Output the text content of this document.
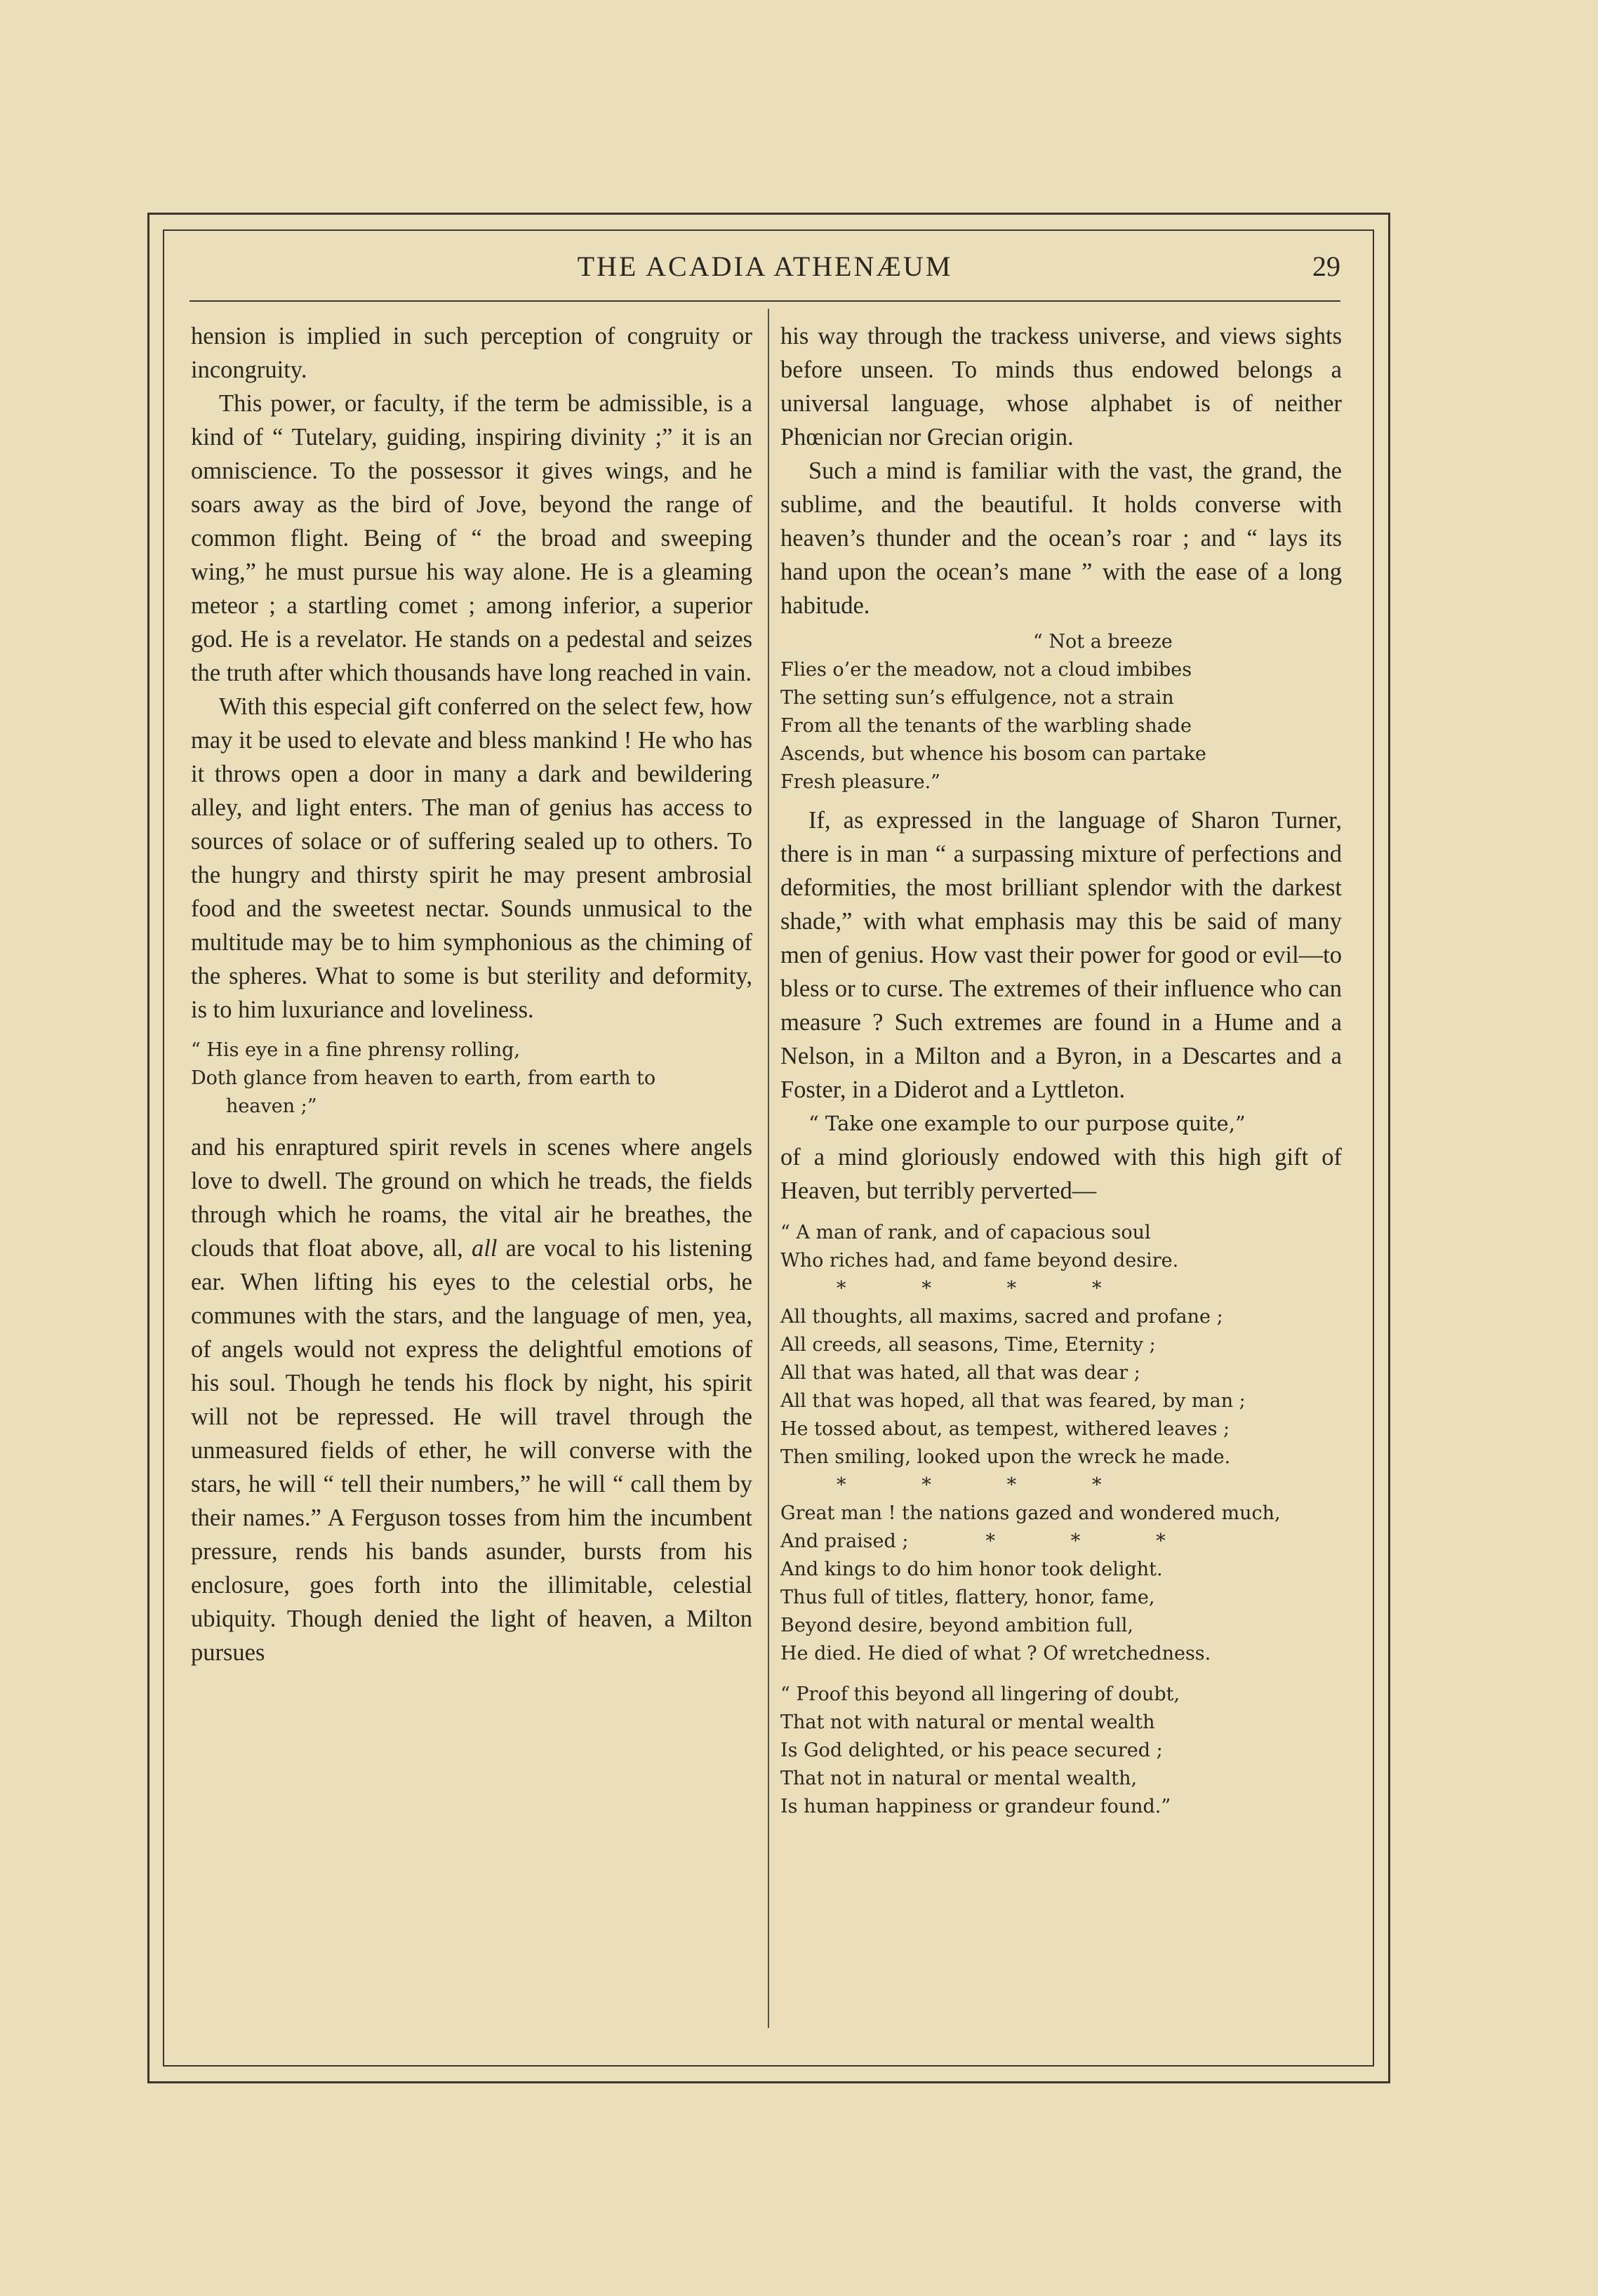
THE ACADIA ATHENÆUM	29

hension is implied in such perception of congruity or incongruity.

This power, or faculty, if the term be admissible, is a kind of “ Tutelary, guiding, inspiring divinity ;” it is an omniscience. To the possessor it gives wings, and he soars away as the bird of Jove, beyond the range of common flight. Being of “ the broad and sweeping wing,” he must pursue his way alone. He is a gleaming meteor ; a startling comet ; among inferior, a superior god. He is a revelator. He stands on a pedestal and seizes the truth after which thousands have long reached in vain.

With this especial gift conferred on the select few, how may it be used to elevate and bless mankind ! He who has it throws open a door in many a dark and bewildering alley, and light enters. The man of genius has access to sources of solace or of suffering sealed up to others. To the hungry and thirsty spirit he may present ambrosial food and the sweetest nectar. Sounds unmusical to the multitude may be to him symphonious as the chiming of the spheres. What to some is but sterility and deformity, is to him luxuriance and loveliness.

“ His eye in a fine phrensy rolling,
Doth glance from heaven to earth, from earth to
heaven ;”

and his enraptured spirit revels in scenes where angels love to dwell. The ground on which he treads, the fields through which he roams, the vital air he breathes, the clouds that float above, all, all are vocal to his listening ear. When lifting his eyes to the celestial orbs, he communes with the stars, and the language of men, yea, of angels would not express the delightful emotions of his soul. Though he tends his flock by night, his spirit will not be repressed. He will travel through the unmeasured fields of ether, he will converse with the stars, he will “ tell their numbers,” he will “ call them by their names.” A Ferguson tosses from him the incumbent pressure, rends his bands asunder, bursts from his enclosure, goes forth into the illimitable, celestial ubiquity. Though denied the light of heaven, a Milton pursues

his way through the trackess universe, and views sights before unseen. To minds thus endowed belongs a universal language, whose alphabet is of neither Phœnician nor Grecian origin.

Such a mind is familiar with the vast, the grand, the sublime, and the beautiful. It holds converse with heaven’s thunder and the ocean’s roar ; and “ lays its hand upon the ocean’s mane ” with the ease of a long habitude.

“ Not a breeze
Flies o’er the meadow, not a cloud imbibes
The setting sun’s effulgence, not a strain
From all the tenants of the warbling shade
Ascends, but whence his bosom can partake
Fresh pleasure.”

If, as expressed in the language of Sharon Turner, there is in man “ a surpassing mixture of perfections and deformities, the most brilliant splendor with the darkest shade,” with what emphasis may this be said of many men of genius. How vast their power for good or evil—to bless or to curse. The extremes of their influence who can measure ? Such extremes are found in a Hume and a Nelson, in a Milton and a Byron, in a Descartes and a Foster, in a Diderot and a Lyttleton.

“ Take one example to our purpose quite,”

of a mind gloriously endowed with this high gift of Heaven, but terribly perverted—

“ A man of rank, and of capacious soul
Who riches had, and fame beyond desire.
*          *          *          *
All thoughts, all maxims, sacred and profane ;
All creeds, all seasons, Time, Eternity ;
All that was hated, all that was dear ;
All that was hoped, all that was feared, by man ;
He tossed about, as tempest, withered leaves ;
Then smiling, looked upon the wreck he made.
*          *          *          *
Great man ! the nations gazed and wondered much,
And praised ;	*          *          *
And kings to do him honor took delight.
Thus full of titles, flattery, honor, fame,
Beyond desire, beyond ambition full,
He died. He died of what ? Of wretchedness.
“ Proof this beyond all lingering of doubt,
That not with natural or mental wealth
Is God delighted, or his peace secured ;
That not in natural or mental wealth,
Is human happiness or grandeur found.”
